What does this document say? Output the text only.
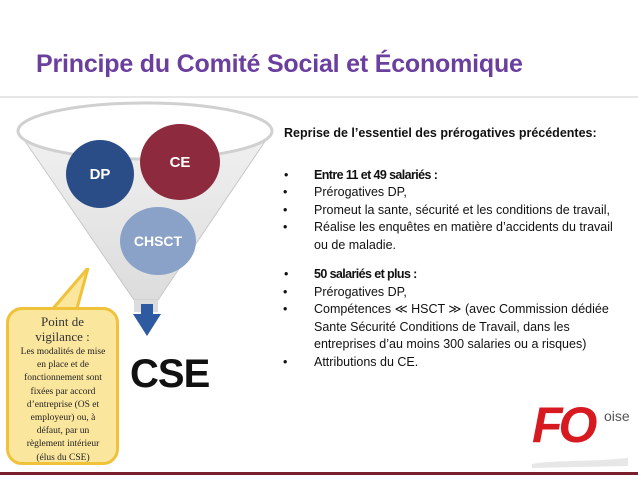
Principe du Comité Social et Économique
CE
DP
CHSCT
CSE
Point de
vigilance :
Les modalités de mise
en place et de
fonctionnement sont
fixées par accord
d’entreprise (OS et
employeur) ou, à
défaut, par un
règlement intérieur
(élus du CSE)
Reprise de l’essentiel des prérogatives précédentes:
• Entre 11 et 49 salariés :
• Prérogatives DP,
• Promeut la sante, sécurité et les conditions de travail,
• Réalise les enquêtes en matière d’accidents du travail ou de maladie.
• 50 salariés et plus :
• Prérogatives DP,
• Compétences ≪ HSCT ≫ (avec Commission dédiée Sante Sécurité Conditions de Travail, dans les entreprises d’au moins 300 salaries ou a risques)
• Attributions du CE.
FO oise
